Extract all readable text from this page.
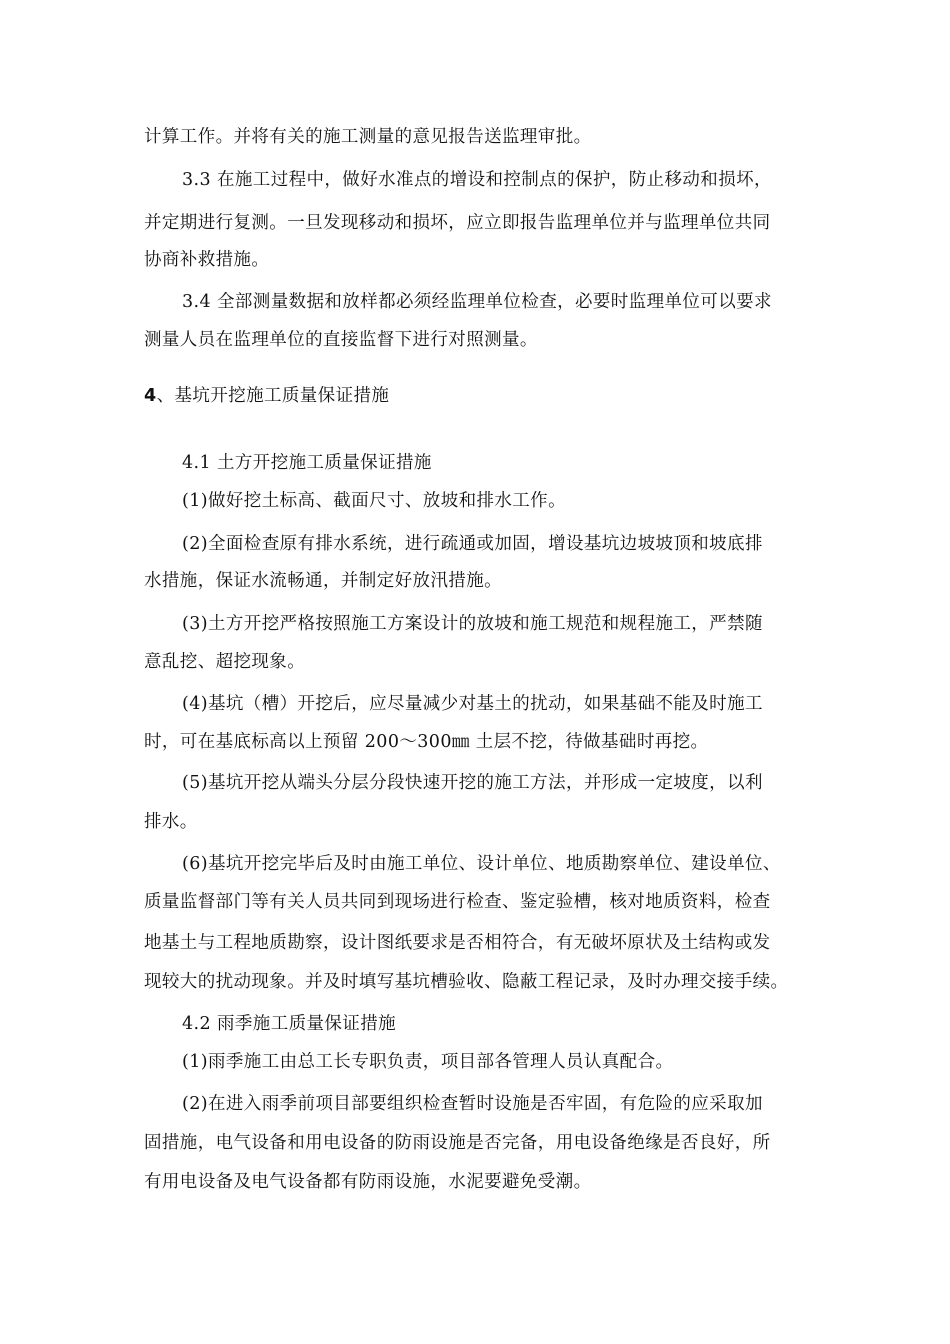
计算工作。并将有关的施工测量的意见报告送监理审批。
3.3 在施工过程中，做好水准点的增设和控制点的保护，防止移动和损坏，
并定期进行复测。一旦发现移动和损坏，应立即报告监理单位并与监理单位共同
协商补救措施。
3.4 全部测量数据和放样都必须经监理单位检查，必要时监理单位可以要求
测量人员在监理单位的直接监督下进行对照测量。
4、基坑开挖施工质量保证措施
4.1 土方开挖施工质量保证措施
(1)做好挖土标高、截面尺寸、放坡和排水工作。
(2)全面检查原有排水系统，进行疏通或加固，增设基坑边坡坡顶和坡底排
水措施，保证水流畅通，并制定好放汛措施。
(3)土方开挖严格按照施工方案设计的放坡和施工规范和规程施工，严禁随
意乱挖、超挖现象。
(4)基坑（槽）开挖后，应尽量减少对基土的扰动，如果基础不能及时施工
时，可在基底标高以上预留 200～300㎜ 土层不挖，待做基础时再挖。
(5)基坑开挖从端头分层分段快速开挖的施工方法，并形成一定坡度，以利
排水。
(6)基坑开挖完毕后及时由施工单位、设计单位、地质勘察单位、建设单位、
质量监督部门等有关人员共同到现场进行检查、鉴定验槽，核对地质资料，检查
地基土与工程地质勘察，设计图纸要求是否相符合，有无破坏原状及土结构或发
现较大的扰动现象。并及时填写基坑槽验收、隐蔽工程记录，及时办理交接手续。
4.2 雨季施工质量保证措施
(1)雨季施工由总工长专职负责，项目部各管理人员认真配合。
(2)在进入雨季前项目部要组织检查暂时设施是否牢固，有危险的应采取加
固措施，电气设备和用电设备的防雨设施是否完备，用电设备绝缘是否良好，所
有用电设备及电气设备都有防雨设施，水泥要避免受潮。
